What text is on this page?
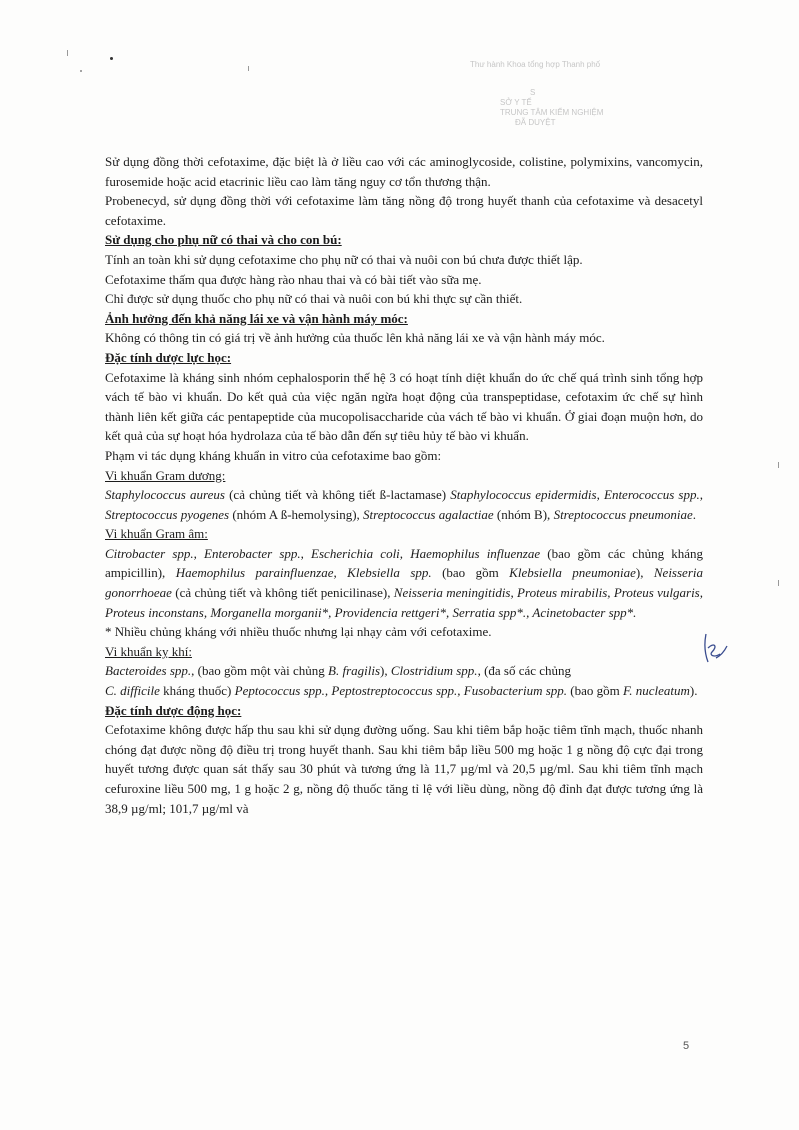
Thư hành Khoa tổng hợp Thanh phố
S
SỞ Y TẾ
TRUNG TÂM KIỂM NGHIỆM
ĐÃ DUYỆT

Sử dụng đồng thời cefotaxime, đặc biệt là ở liều cao với các aminoglycoside, colistine, polymixins, vancomycin, furosemide hoặc acid etacrinic liều cao làm tăng nguy cơ tổn thương thận.

Probenecyd, sử dụng đồng thời với cefotaxime làm tăng nồng độ trong huyết thanh của cefotaxime và desacetyl cefotaxime.

Sử dụng cho phụ nữ có thai và cho con bú:

Tính an toàn khi sử dụng cefotaxime cho phụ nữ có thai và nuôi con bú chưa được thiết lập.

Cefotaxime thấm qua được hàng rào nhau thai và có bài tiết vào sữa mẹ.

Chỉ được sử dụng thuốc cho phụ nữ có thai và nuôi con bú khi thực sự cần thiết.

Ảnh hưởng đến khả năng lái xe và vận hành máy móc:

Không có thông tin có giá trị về ảnh hưởng của thuốc lên khả năng lái xe và vận hành máy móc.

Đặc tính dược lực học:

Cefotaxime là kháng sinh nhóm cephalosporin thế hệ 3 có hoạt tính diệt khuẩn do ức chế quá trình sinh tổng hợp vách tế bào vi khuẩn. Do kết quả của việc ngăn ngừa hoạt động của transpeptidase, cefotaxim ức chế sự hình thành liên kết giữa các pentapeptide của mucopolisaccharide của vách tế bào vi khuẩn. Ở giai đoạn muộn hơn, do kết quả của sự hoạt hóa hydrolaza của tế bào dẫn đến sự tiêu hủy tế bào vi khuẩn.

Phạm vi tác dụng kháng khuẩn in vitro của cefotaxime bao gồm:

Vi khuẩn Gram dương:

Staphylococcus aureus (cả chủng tiết và không tiết ß-lactamase) Staphylococcus epidermidis, Enterococcus spp., Streptococcus pyogenes (nhóm A ß-hemolysing), Streptococcus agalactiae (nhóm B), Streptococcus pneumoniae.

Vi khuẩn Gram âm:

Citrobacter spp., Enterobacter spp., Escherichia coli, Haemophilus influenzae (bao gồm các chủng kháng ampicillin), Haemophilus parainfluenzae, Klebsiella spp. (bao gồm Klebsiella pneumoniae), Neisseria gonorrhoeae (cả chủng tiết và không tiết penicilinase), Neisseria meningitidis, Proteus mirabilis, Proteus vulgaris, Proteus inconstans, Morganella morganii*, Providencia rettgeri*, Serratia spp*., Acinetobacter spp*.

* Nhiều chủng kháng với nhiều thuốc nhưng lại nhạy cảm với cefotaxime.

Vi khuẩn kỵ khí:

Bacteroides spp., (bao gồm một vài chủng B. fragilis), Clostridium spp., (đa số các chủng
C. difficile kháng thuốc) Peptococcus spp., Peptostreptococcus spp., Fusobacterium spp. (bao gồm F. nucleatum).

Đặc tính dược động học:

Cefotaxime không được hấp thu sau khi sử dụng đường uống. Sau khi tiêm bắp hoặc tiêm tĩnh mạch, thuốc nhanh chóng đạt được nồng độ điều trị trong huyết thanh. Sau khi tiêm bắp liều 500 mg hoặc 1 g nồng độ cực đại trong huyết tương được quan sát thấy sau 30 phút và tương ứng là 11,7 µg/ml và 20,5 µg/ml. Sau khi tiêm tĩnh mạch cefuroxine liều 500 mg, 1 g hoặc 2 g, nồng độ thuốc tăng tỉ lệ với liều dùng, nồng độ đỉnh đạt được tương ứng là 38,9 µg/ml; 101,7 µg/ml và

5
